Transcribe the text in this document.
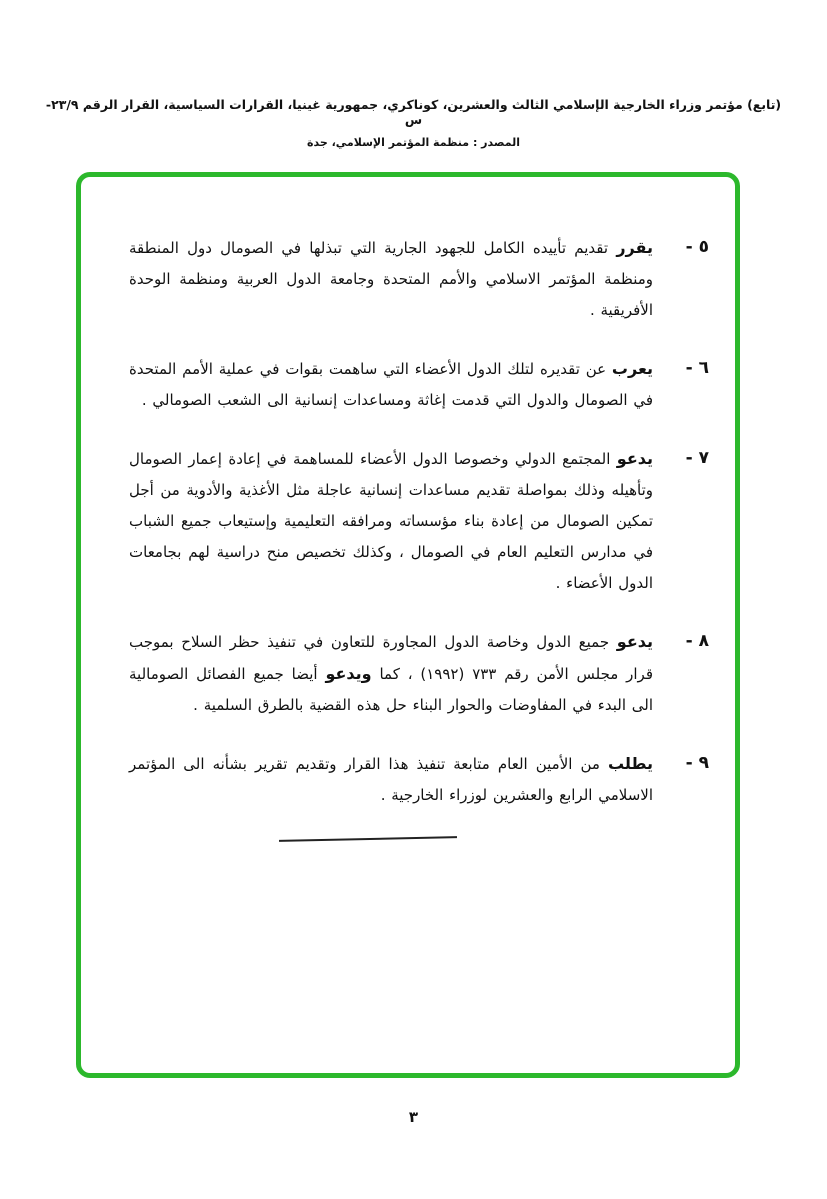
(تابع) مؤتمر وزراء الخارجية الإسلامي الثالث والعشرين، كوناكري، جمهورية غينيا، القرارات السياسية، القرار الرقم ٢٣/٩-س
المصدر : منظمة المؤتمر الإسلامي، جدة
٥ -
يقرر تقديم تأييده الكامل للجهود الجارية التي تبذلها في الصومال دول المنطقة ومنظمة المؤتمر الاسلامي والأمم المتحدة وجامعة الدول العربية ومنظمة الوحدة الأفريقية .
٦ -
يعرب عن تقديره لتلك الدول الأعضاء التي ساهمت بقوات في عملية الأمم المتحدة في الصومال والدول التي قدمت إغاثة ومساعدات إنسانية الى الشعب الصومالي .
٧ -
يدعو المجتمع الدولي وخصوصا الدول الأعضاء للمساهمة في إعادة إعمار الصومال وتأهيله وذلك بمواصلة تقديم مساعدات إنسانية عاجلة مثل الأغذية والأدوية من أجل تمكين الصومال من إعادة بناء مؤسساته ومرافقه التعليمية وإستيعاب جميع الشباب في مدارس التعليم العام في الصومال ، وكذلك تخصيص منح دراسية لهم بجامعات الدول الأعضاء .
٨ -
يدعو جميع الدول وخاصة الدول المجاورة للتعاون في تنفيذ حظر السلاح بموجب قرار مجلس الأمن رقم ٧٣٣ (١٩٩٢) ، كما ويدعو أيضا جميع الفصائل الصومالية الى البدء في المفاوضات والحوار البناء حل هذه القضية بالطرق السلمية .
٩ -
يطلب من الأمين العام متابعة تنفيذ هذا القرار وتقديم تقرير بشأنه الى المؤتمر الاسلامي الرابع والعشرين لوزراء الخارجية .
٣
